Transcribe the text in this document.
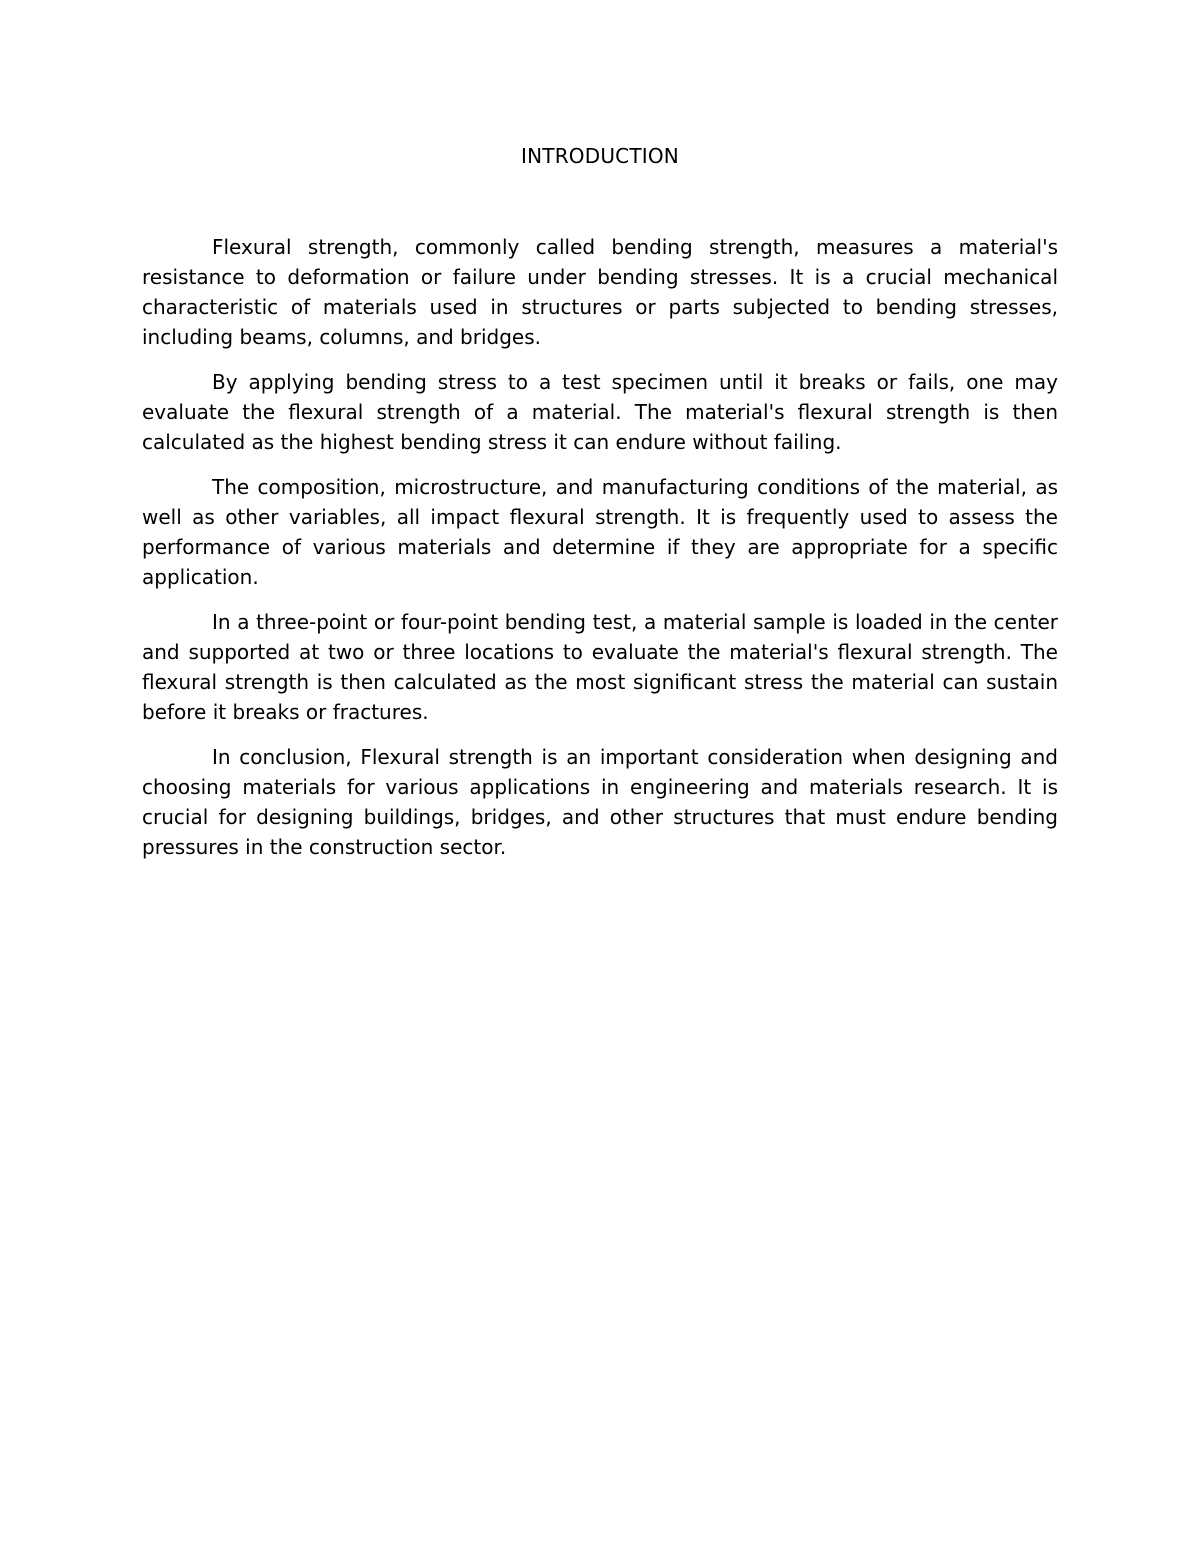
INTRODUCTION

Flexural strength, commonly called bending strength, measures a material's resistance to deformation or failure under bending stresses. It is a crucial mechanical characteristic of materials used in structures or parts subjected to bending stresses, including beams, columns, and bridges.

By applying bending stress to a test specimen until it breaks or fails, one may evaluate the flexural strength of a material. The material's flexural strength is then calculated as the highest bending stress it can endure without failing.

The composition, microstructure, and manufacturing conditions of the material, as well as other variables, all impact flexural strength. It is frequently used to assess the performance of various materials and determine if they are appropriate for a specific application.

In a three-point or four-point bending test, a material sample is loaded in the center and supported at two or three locations to evaluate the material's flexural strength. The flexural strength is then calculated as the most significant stress the material can sustain before it breaks or fractures.

In conclusion, Flexural strength is an important consideration when designing and choosing materials for various applications in engineering and materials research. It is crucial for designing buildings, bridges, and other structures that must endure bending pressures in the construction sector.
